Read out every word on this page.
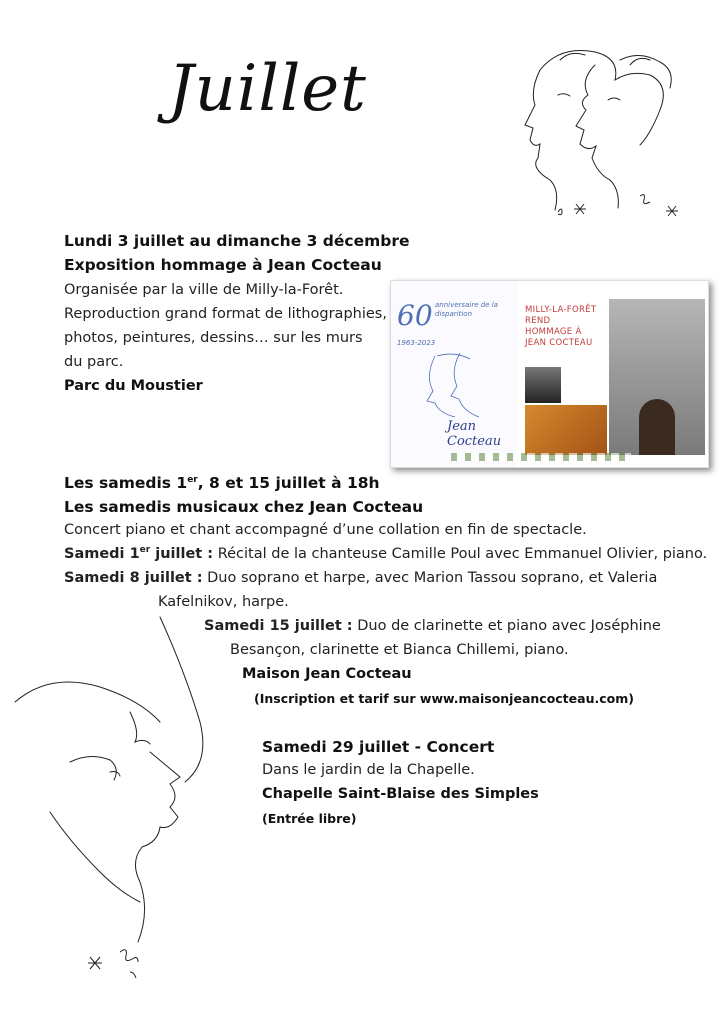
Juillet
Lundi 3 juillet au dimanche 3 décembre
Exposition hommage à Jean Cocteau
Organisée par la ville de Milly-la-Forêt.
Reproduction grand format de lithographies,
photos, peintures, dessins… sur les murs
du parc.
Parc du Moustier
60 anniversaire de la disparition
1963-2023
Jean Cocteau
MILLY-LA-FORÊT REND HOMMAGE À JEAN COCTEAU
Les samedis 1er, 8 et 15 juillet à 18h
Les samedis musicaux chez Jean Cocteau
Concert piano et chant accompagné d’une collation en fin de spectacle.
Samedi 1er juillet : Récital de la chanteuse Camille Poul avec Emmanuel Olivier, piano.
Samedi 8 juillet : Duo soprano et harpe, avec Marion Tassou soprano, et Valeria
Kafelnikov, harpe.
Samedi 15 juillet : Duo de clarinette et piano avec Joséphine
Besançon, clarinette et Bianca Chillemi, piano.
Maison Jean Cocteau
(Inscription et tarif sur www.maisonjeancocteau.com)
Samedi 29 juillet - Concert
Dans le jardin de la Chapelle.
Chapelle Saint-Blaise des Simples
(Entrée libre)
